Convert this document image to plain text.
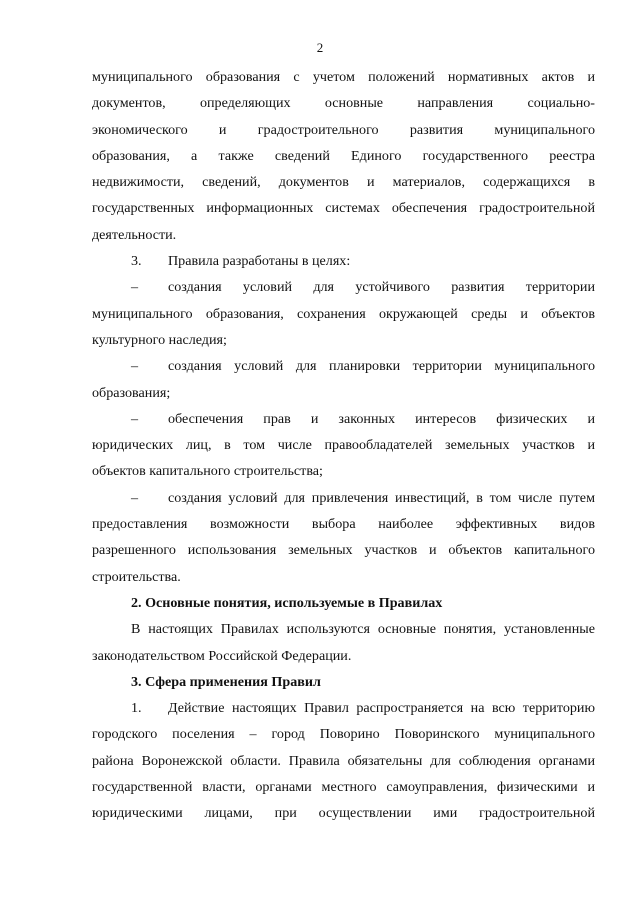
2

муниципального образования с учетом положений нормативных актов и

документов, определяющих основные направления социально-

экономического и градостроительного развития муниципального

образования, а также сведений Единого государственного реестра

недвижимости, сведений, документов и материалов, содержащихся в

государственных информационных системах обеспечения градостроительной

деятельности.

3.	Правила разработаны в целях:
–	создания условий для устойчивого развития территории

муниципального образования, сохранения окружающей среды и объектов

культурного наследия;

–	создания условий для планировки территории муниципального

образования;

–	обеспечения прав и законных интересов физических и

юридических лиц, в том числе правообладателей земельных участков и

объектов капитального строительства;

–	создания условий для привлечения инвестиций, в том числе путем

предоставления возможности выбора наиболее эффективных видов

разрешенного использования земельных участков и объектов капитального

строительства.

2. Основные понятия, используемые в Правилах

В настоящих Правилах используются основные понятия, установленные

законодательством Российской Федерации.

3. Сфера применения Правил

1.	Действие настоящих Правил распространяется на всю территорию

городского поселения – город Поворино Поворинского муниципального

района Воронежской области. Правила обязательны для соблюдения органами

государственной власти, органами местного самоуправления, физическими и

юридическими лицами, при осуществлении ими градостроительной
